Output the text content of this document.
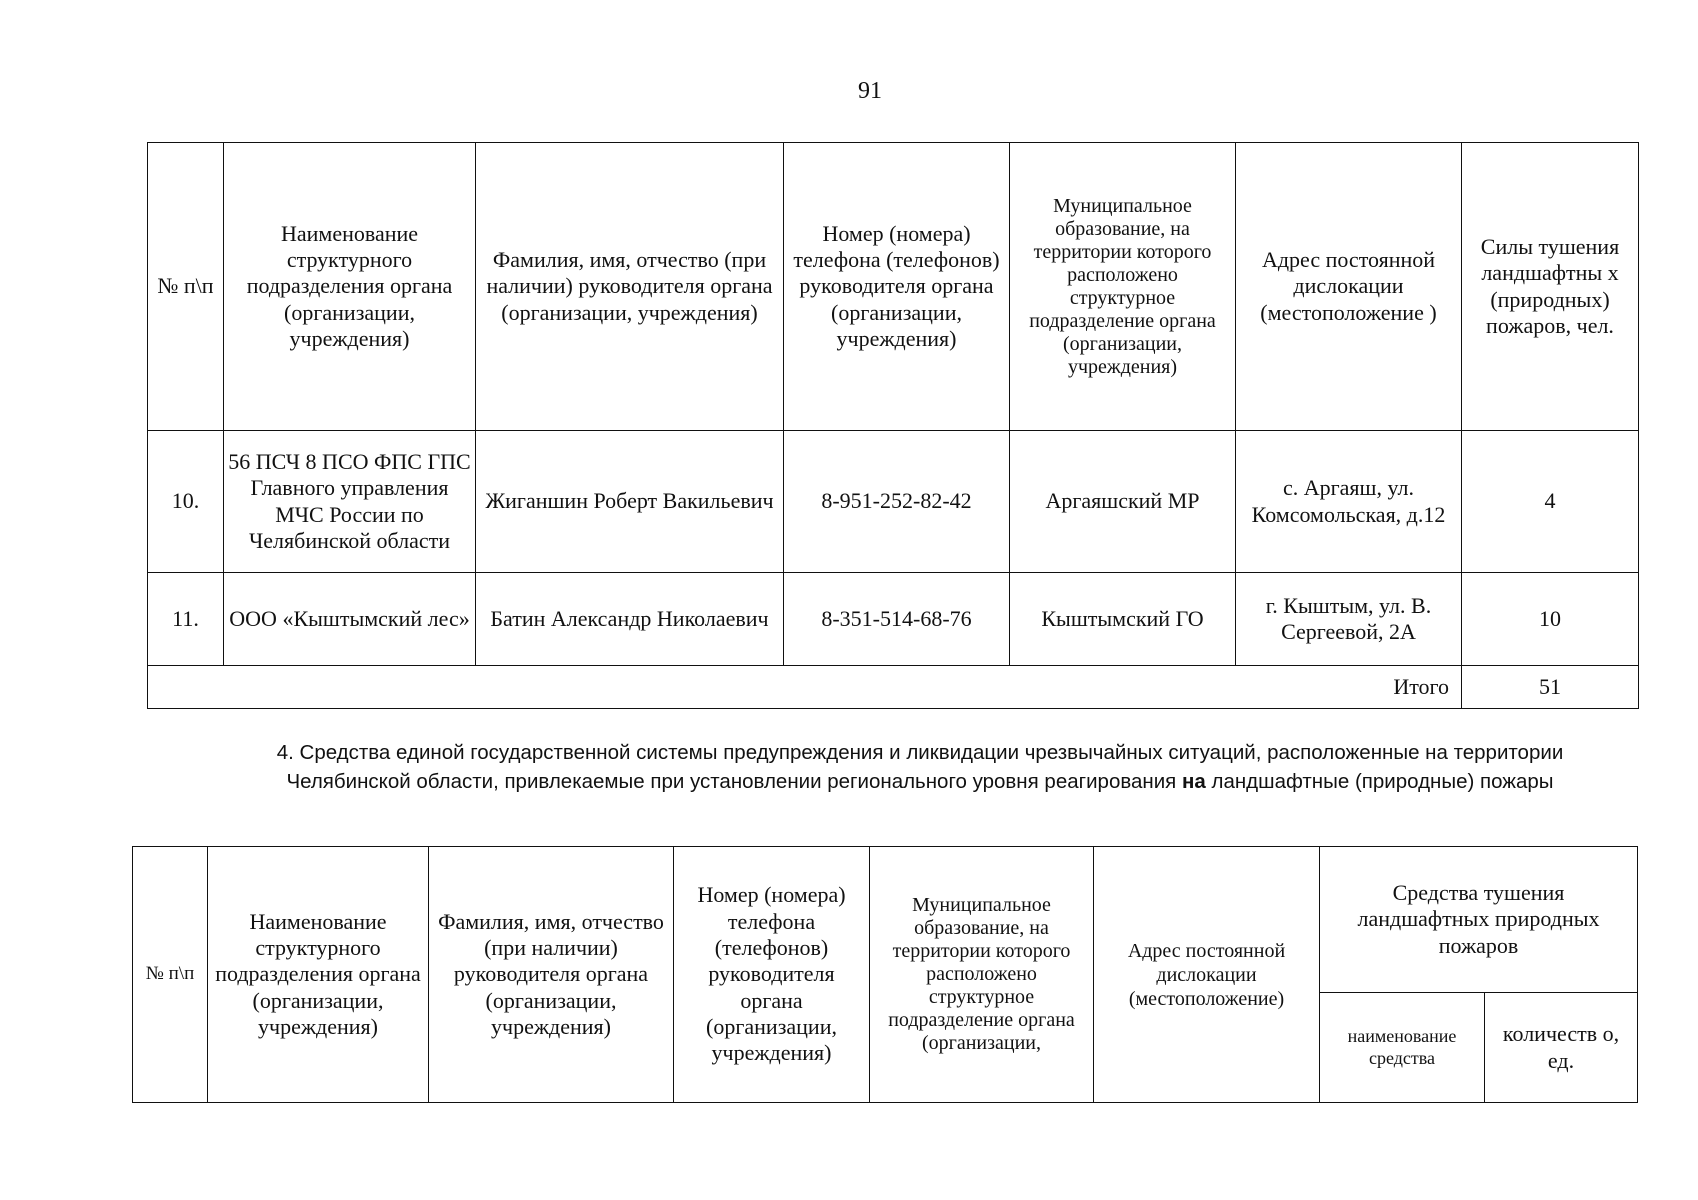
91
№ п\п	Наименование структурного подразделения органа (организации, учреждения)	Фамилия, имя, отчество (при наличии) руководителя органа (организации, учреждения)	Номер (номера) телефона (телефонов) руководителя органа (организации, учреждения)	Муниципальное образование, на территории которого расположено структурное подразделение органа (организации, учреждения)	Адрес постоянной дислокации (местоположение )	Силы тушения ландшафтны х (природных) пожаров, чел.
10.	56 ПСЧ 8 ПСО ФПС ГПС Главного управления МЧС России по Челябинской области	Жиганшин Роберт Вакильевич	8-951-252-82-42	Аргаяшский МР	с. Аргаяш, ул. Комсомольская, д.12	4
11.	ООО «Кыштымский лес»	Батин Александр Николаевич	8-351-514-68-76	Кыштымский ГО	г. Кыштым, ул. В. Сергеевой, 2А	10
Итого						51
4. Средства единой государственной системы предупреждения и ликвидации чрезвычайных ситуаций, расположенные на территории Челябинской области, привлекаемые при установлении регионального уровня реагирования на ландшафтные (природные) пожары
№ п\п	Наименование структурного подразделения органа (организации, учреждения)	Фамилия, имя, отчество (при наличии) руководителя органа (организации, учреждения)	Номер (номера) телефона (телефонов) руководителя органа (организации, учреждения)	Муниципальное образование, на территории которого расположено структурное подразделение органа (организации,	Адрес постоянной дислокации (местоположение)	Средства тушения ландшафтных природных пожаров	
						наименование средства	количеств о, ед.
